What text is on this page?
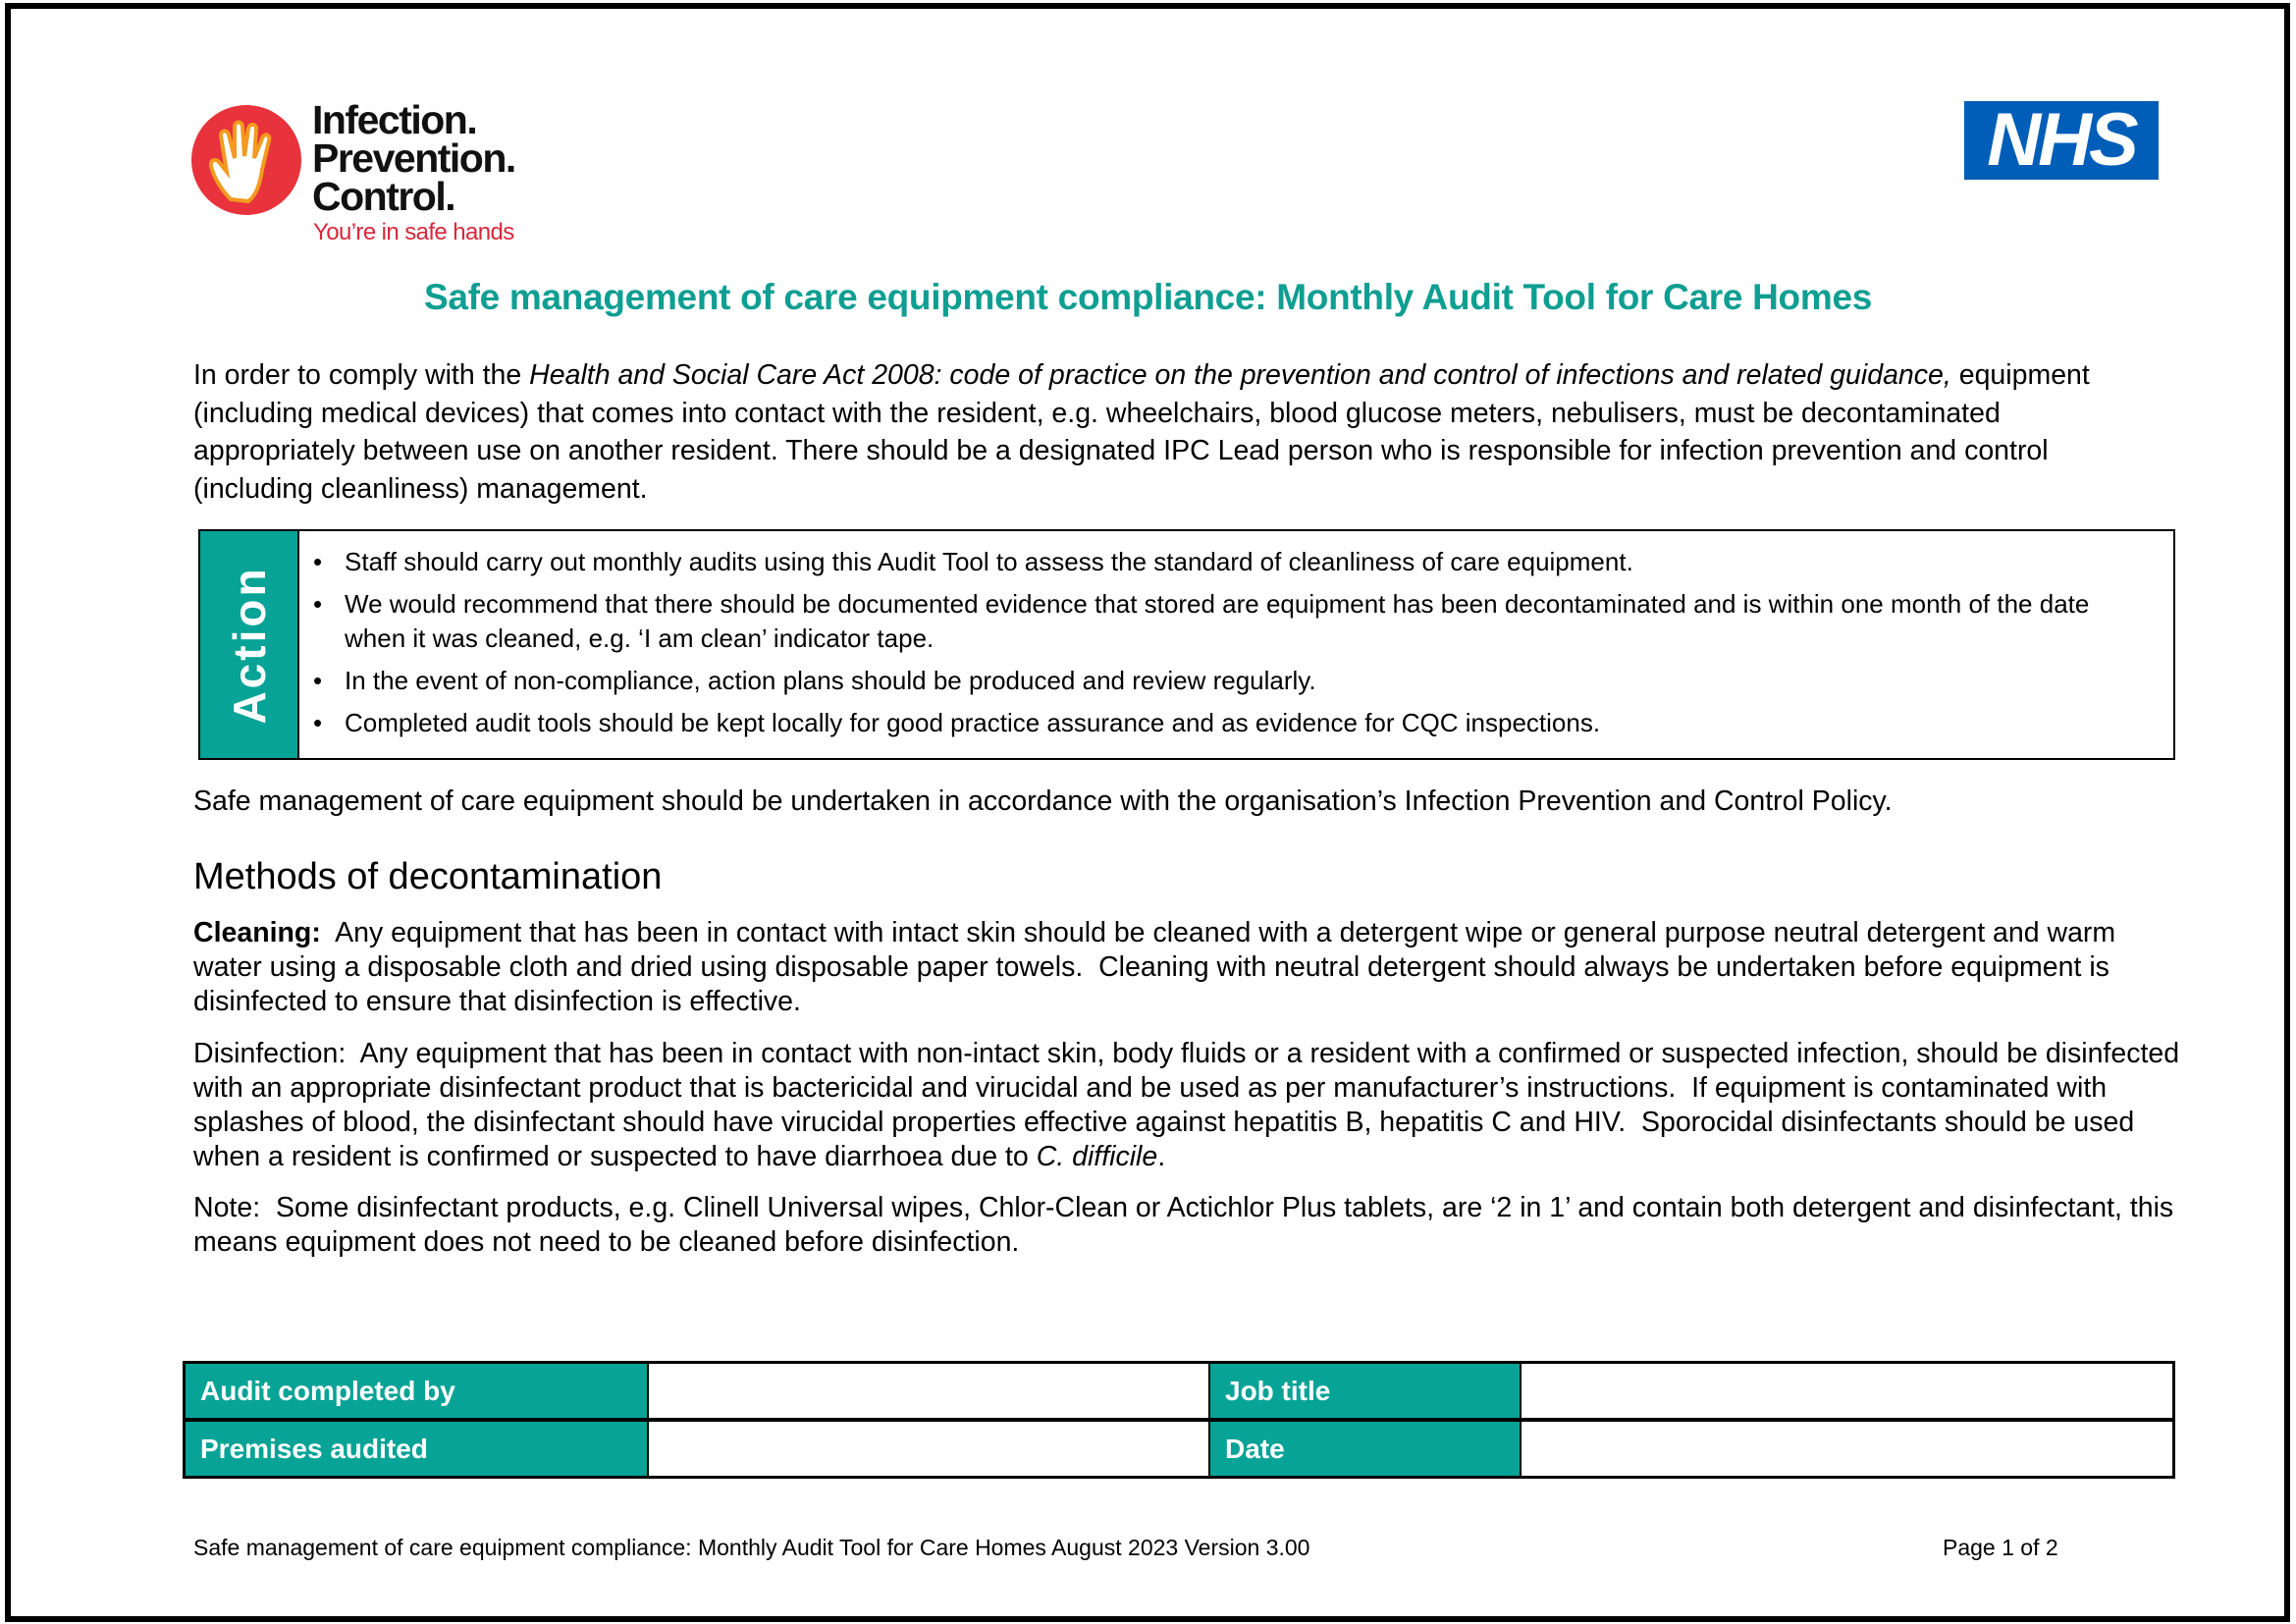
Infection.
Prevention.
Control.
You’re in safe hands
NHS
Safe management of care equipment compliance: Monthly Audit Tool for Care Homes
In order to comply with the Health and Social Care Act 2008: code of practice on the prevention and control of infections and related guidance, equipment (including medical devices) that comes into contact with the resident, e.g. wheelchairs, blood glucose meters, nebulisers, must be decontaminated appropriately between use on another resident. There should be a designated IPC Lead person who is responsible for infection prevention and control (including cleanliness) management.
Action
• Staff should carry out monthly audits using this Audit Tool to assess the standard of cleanliness of care equipment.
• We would recommend that there should be documented evidence that stored are equipment has been decontaminated and is within one month of the date when it was cleaned, e.g. ‘I am clean’ indicator tape.
• In the event of non-compliance, action plans should be produced and review regularly.
• Completed audit tools should be kept locally for good practice assurance and as evidence for CQC inspections.
Safe management of care equipment should be undertaken in accordance with the organisation’s Infection Prevention and Control Policy.
Methods of decontamination
Cleaning:  Any equipment that has been in contact with intact skin should be cleaned with a detergent wipe or general purpose neutral detergent and warm water using a disposable cloth and dried using disposable paper towels.  Cleaning with neutral detergent should always be undertaken before equipment is disinfected to ensure that disinfection is effective.
Disinfection:  Any equipment that has been in contact with non-intact skin, body fluids or a resident with a confirmed or suspected infection, should be disinfected with an appropriate disinfectant product that is bactericidal and virucidal and be used as per manufacturer’s instructions.  If equipment is contaminated with splashes of blood, the disinfectant should have virucidal properties effective against hepatitis B, hepatitis C and HIV.  Sporocidal disinfectants should be used when a resident is confirmed or suspected to have diarrhoea due to C. difficile.
Note:  Some disinfectant products, e.g. Clinell Universal wipes, Chlor-Clean or Actichlor Plus tablets, are ‘2 in 1’ and contain both detergent and disinfectant, this means equipment does not need to be cleaned before disinfection.
Audit completed by		Job title	
Premises audited		Date	
Safe management of care equipment compliance: Monthly Audit Tool for Care Homes August 2023 Version 3.00	Page 1 of 2
